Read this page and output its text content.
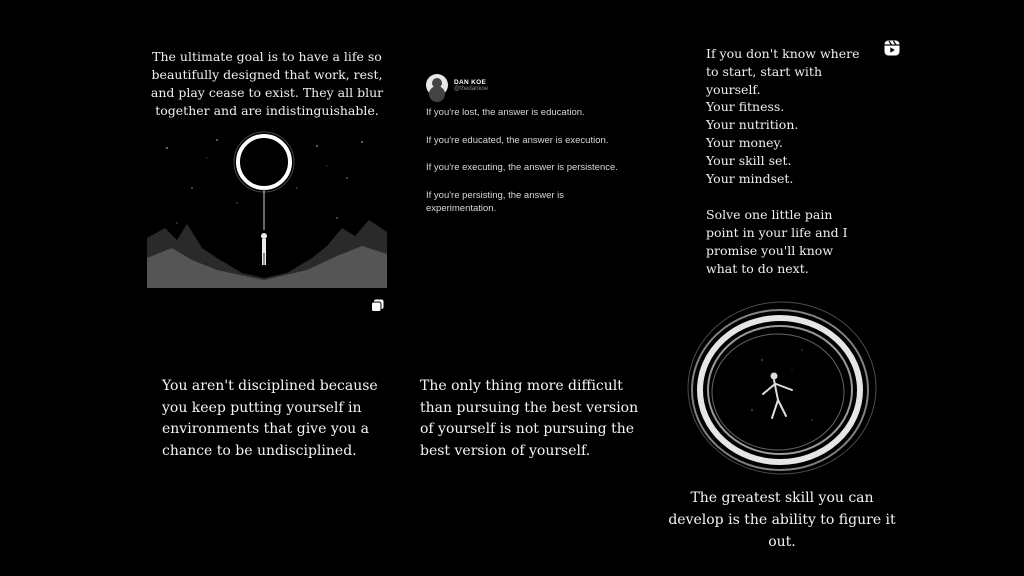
The ultimate goal is to have a life so beautifully designed that work, rest, and play cease to exist. They all blur together and are indistinguishable.
DAN KOE
@thedankoe
If you're lost, the answer is education.
If you're educated, the answer is execution.
If you're executing, the answer is persistence.
If you're persisting, the answer is experimentation.
If you don't know where to start, start with yourself.
Your fitness.
Your nutrition.
Your money.
Your skill set.
Your mindset.
Solve one little pain point in your life and I promise you'll know what to do next.
You aren't disciplined because you keep putting yourself in environments that give you a chance to be undisciplined.
The only thing more difficult than pursuing the best version of yourself is not pursuing the best version of yourself.
The greatest skill you can develop is the ability to figure it out.
